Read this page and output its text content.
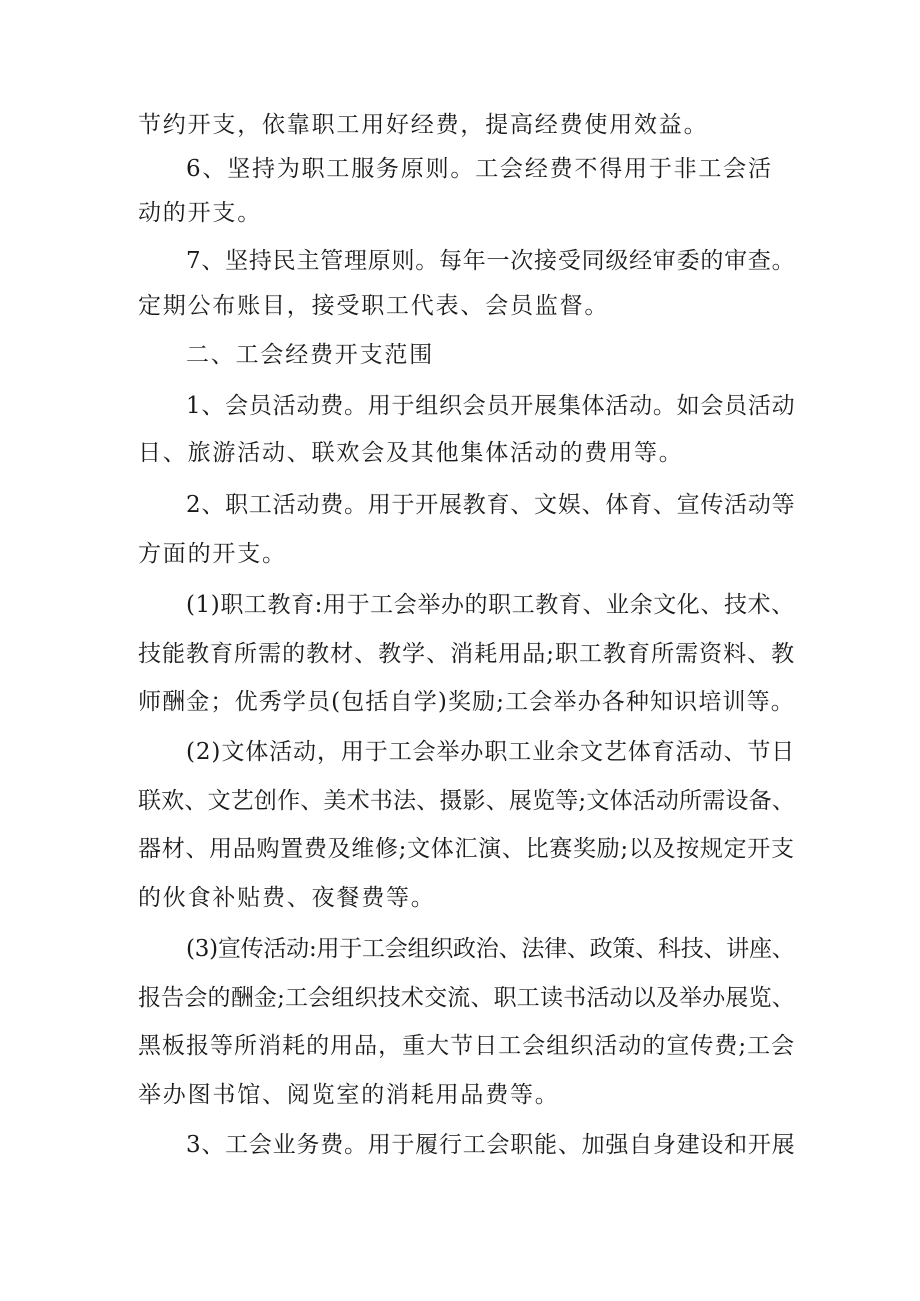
节约开支，依靠职工用好经费，提高经费使用效益。
6、坚持为职工服务原则。工会经费不得用于非工会活
动的开支。
7、坚持民主管理原则。每年一次接受同级经审委的审查。
定期公布账目，接受职工代表、会员监督。
二、工会经费开支范围
1、会员活动费。用于组织会员开展集体活动。如会员活动
日、旅游活动、联欢会及其他集体活动的费用等。
2、职工活动费。用于开展教育、文娱、体育、宣传活动等
方面的开支。
(1)职工教育:用于工会举办的职工教育、业余文化、技术、
技能教育所需的教材、教学、消耗用品;职工教育所需资料、教
师酬金；优秀学员(包括自学)奖励;工会举办各种知识培训等。
(2)文体活动，用于工会举办职工业余文艺体育活动、节日
联欢、文艺创作、美术书法、摄影、展览等;文体活动所需设备、
器材、用品购置费及维修;文体汇演、比赛奖励;以及按规定开支
的伙食补贴费、夜餐费等。
(3)宣传活动:用于工会组织政治、法律、政策、科技、讲座、
报告会的酬金;工会组织技术交流、职工读书活动以及举办展览、
黑板报等所消耗的用品，重大节日工会组织活动的宣传费;工会
举办图书馆、阅览室的消耗用品费等。
3、工会业务费。用于履行工会职能、加强自身建设和开展
